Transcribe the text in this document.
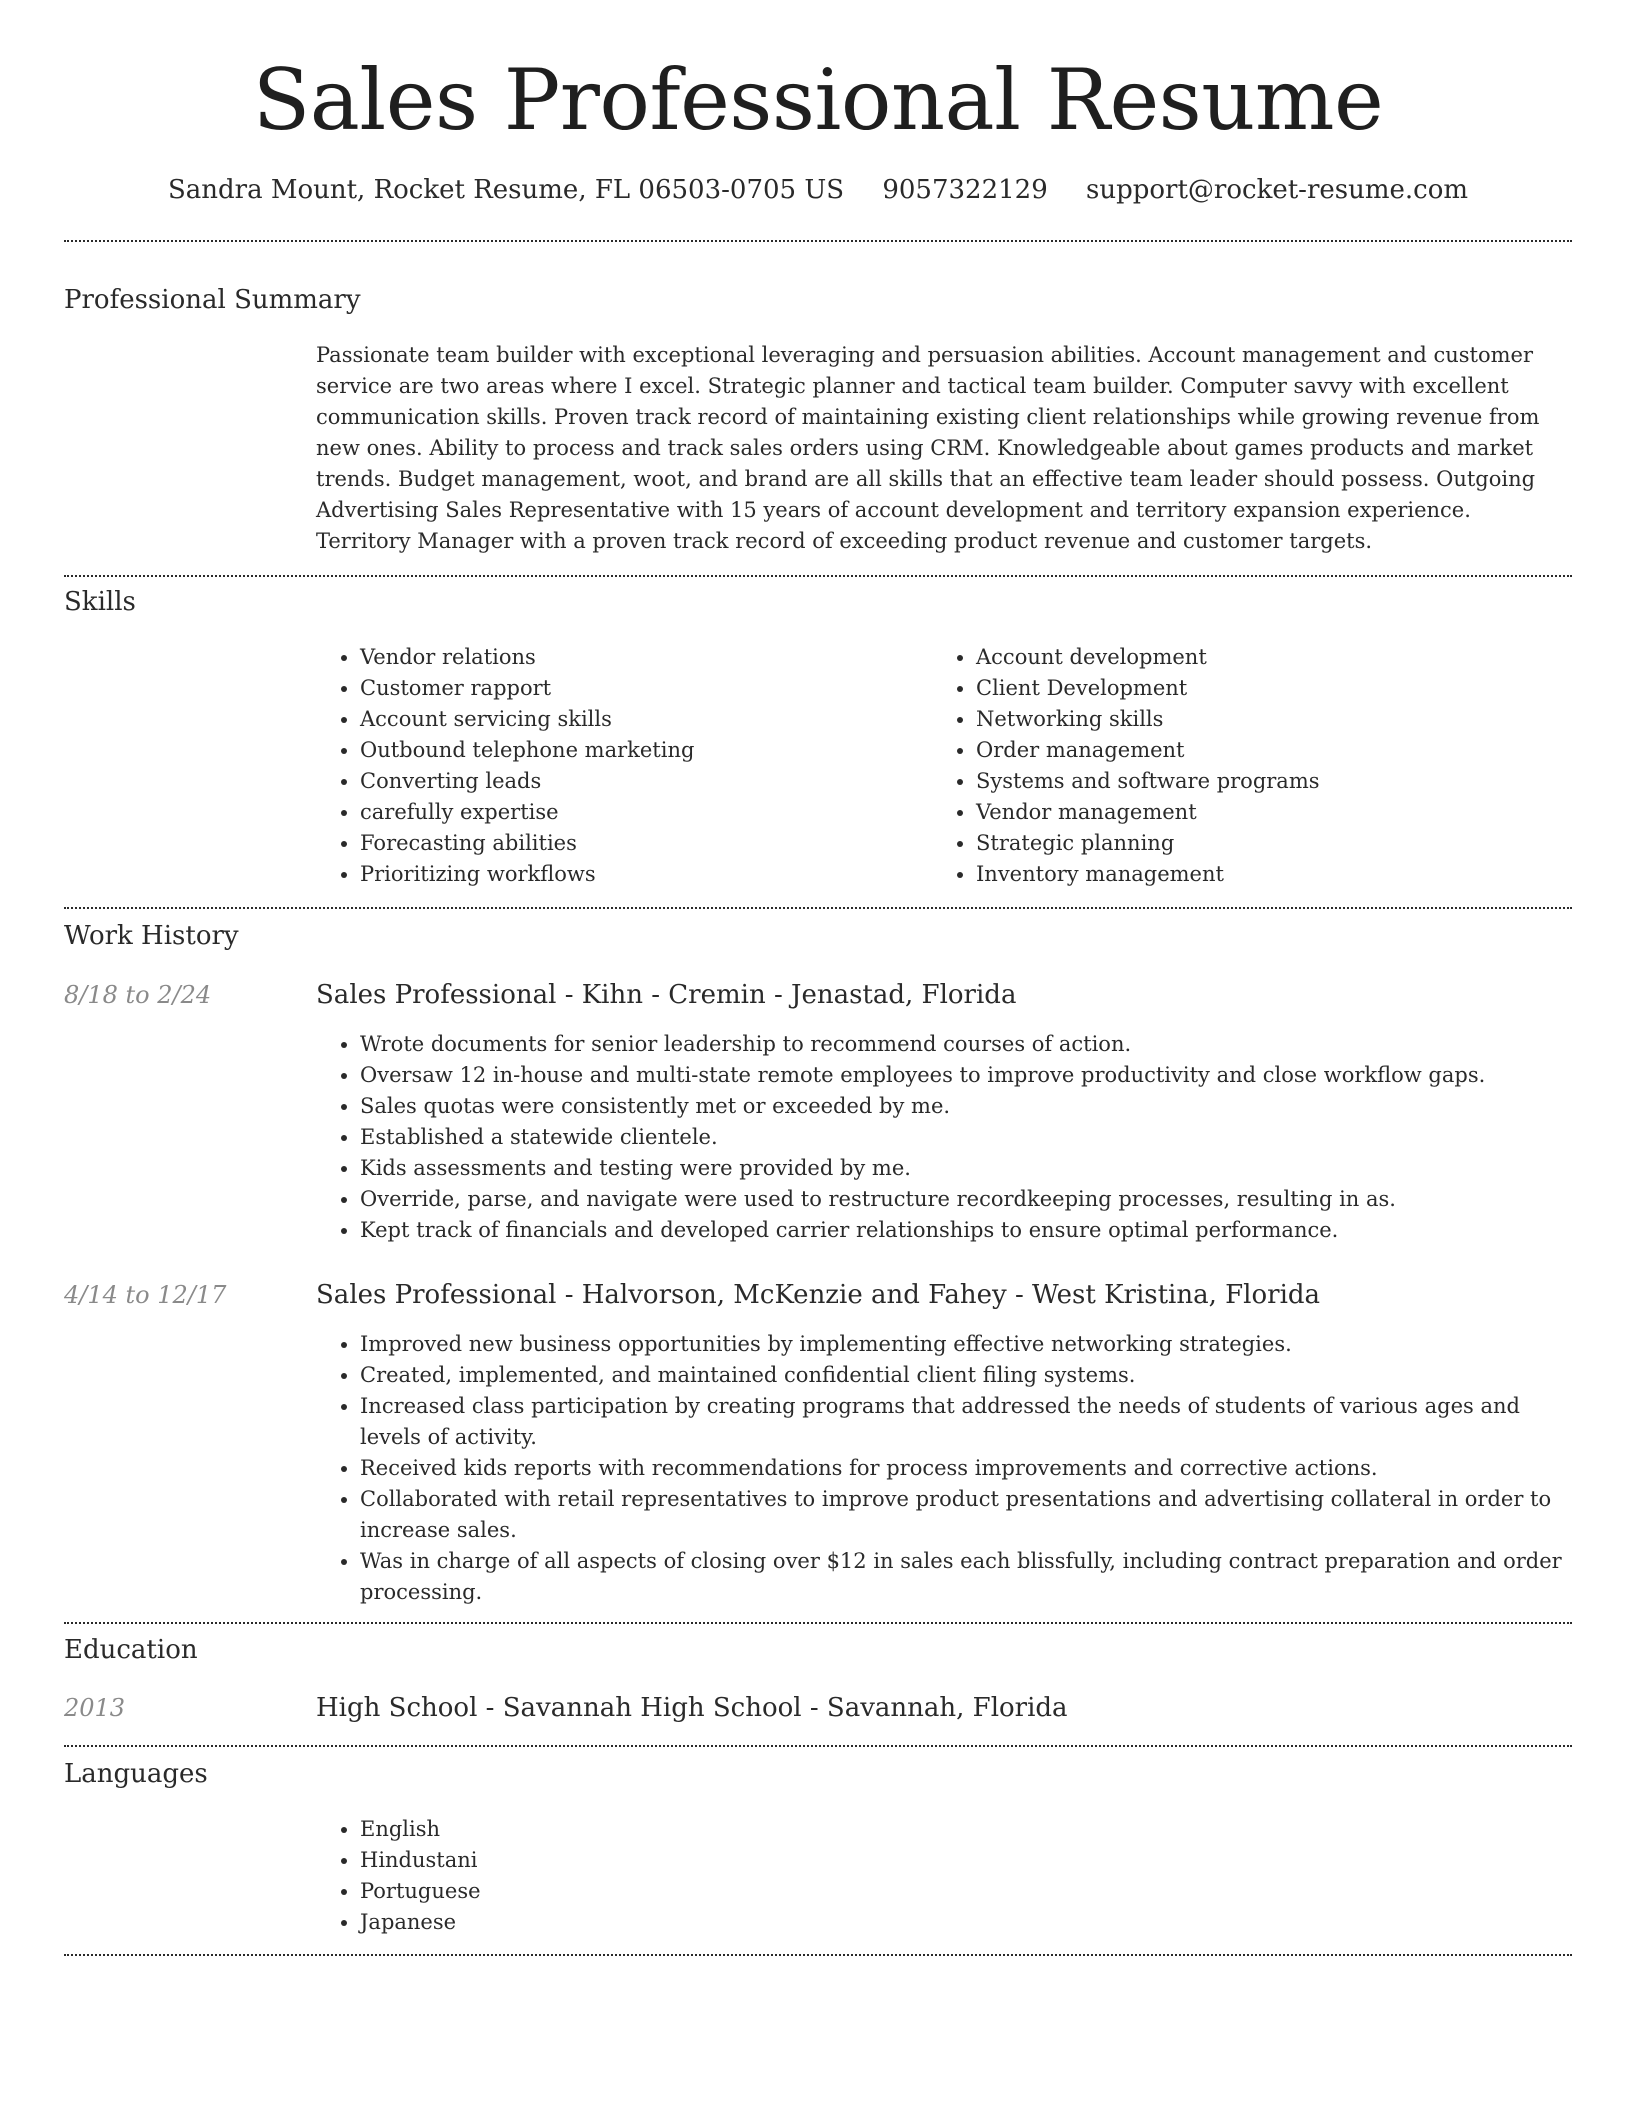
Sales Professional Resume
Sandra Mount, Rocket Resume, FL 06503-0705 US 9057322129 support@rocket-resume.com
Professional Summary
Passionate team builder with exceptional leveraging and persuasion abilities. Account management and customer service are two areas where I excel. Strategic planner and tactical team builder. Computer savvy with excellent communication skills. Proven track record of maintaining existing client relationships while growing revenue from new ones. Ability to process and track sales orders using CRM. Knowledgeable about games products and market trends. Budget management, woot, and brand are all skills that an effective team leader should possess. Outgoing Advertising Sales Representative with 15 years of account development and territory expansion experience. Territory Manager with a proven track record of exceeding product revenue and customer targets.
Skills
• Vendor relations
• Customer rapport
• Account servicing skills
• Outbound telephone marketing
• Converting leads
• carefully expertise
• Forecasting abilities
• Prioritizing workflows
• Account development
• Client Development
• Networking skills
• Order management
• Systems and software programs
• Vendor management
• Strategic planning
• Inventory management
Work History
8/18 to 2/24	Sales Professional - Kihn - Cremin - Jenastad, Florida
• Wrote documents for senior leadership to recommend courses of action.
• Oversaw 12 in-house and multi-state remote employees to improve productivity and close workflow gaps.
• Sales quotas were consistently met or exceeded by me.
• Established a statewide clientele.
• Kids assessments and testing were provided by me.
• Override, parse, and navigate were used to restructure recordkeeping processes, resulting in as.
• Kept track of financials and developed carrier relationships to ensure optimal performance.
4/14 to 12/17	Sales Professional - Halvorson, McKenzie and Fahey - West Kristina, Florida
• Improved new business opportunities by implementing effective networking strategies.
• Created, implemented, and maintained confidential client filing systems.
• Increased class participation by creating programs that addressed the needs of students of various ages and levels of activity.
• Received kids reports with recommendations for process improvements and corrective actions.
• Collaborated with retail representatives to improve product presentations and advertising collateral in order to increase sales.
• Was in charge of all aspects of closing over $12 in sales each blissfully, including contract preparation and order processing.
Education
2013	High School - Savannah High School - Savannah, Florida
Languages
• English
• Hindustani
• Portuguese
• Japanese
